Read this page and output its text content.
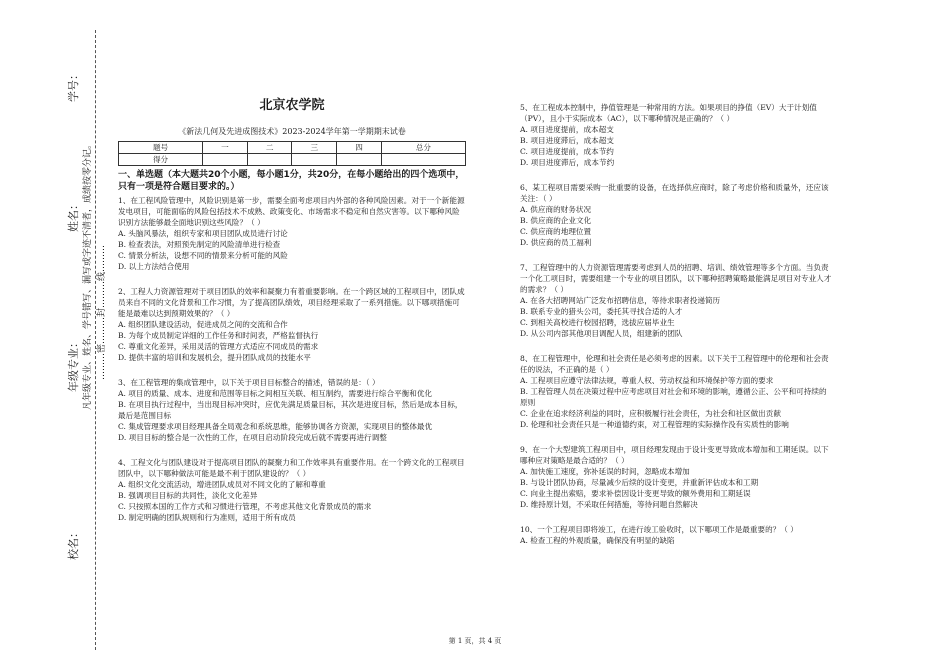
学号：
姓名：
年级专业：
校名：
………密………封………线………
凡年级专业、姓名、学号错写、漏写或字迹不清者，成绩按零分记。
北京农学院
《新法几何及先进成图技术》2023-2024学年第一学期期末试卷
题号	一	二	三	四	总分
得分					
一、单选题（本大题共20个小题，每小题1分，共20分，在每小题给出的四个选项中，只有一项是符合题目要求的。）

1、在工程风险管理中，风险识别是第一步，需要全面考虑项目内外部的各种风险因素。对于一个新能源发电项目，可能面临的风险包括技术不成熟、政策变化、市场需求不稳定和自然灾害等。以下哪种风险识别方法能够最全面地识别这些风险？（ ）

A. 头脑风暴法，组织专家和项目团队成员进行讨论

B. 检查表法，对照预先制定的风险清单进行检查

C. 情景分析法，设想不同的情景来分析可能的风险

D. 以上方法结合使用

2、工程人力资源管理对于项目团队的效率和凝聚力有着重要影响。在一个跨区域的工程项目中，团队成员来自不同的文化背景和工作习惯，为了提高团队绩效，项目经理采取了一系列措施。以下哪项措施可能是最难以达到预期效果的？（ ）

A. 组织团队建设活动，促进成员之间的交流和合作

B. 为每个成员制定详细的工作任务和时间表，严格监督执行

C. 尊重文化差异，采用灵活的管理方式适应不同成员的需求

D. 提供丰富的培训和发展机会，提升团队成员的技能水平

3、在工程管理的集成管理中，以下关于项目目标整合的描述，错误的是：（ ）

A. 项目的质量、成本、进度和范围等目标之间相互关联、相互制约，需要进行综合平衡和优化

B. 在项目执行过程中，当出现目标冲突时，应优先满足质量目标，其次是进度目标，然后是成本目标，最后是范围目标

C. 集成管理要求项目经理具备全局观念和系统思维，能够协调各方资源，实现项目的整体最优

D. 项目目标的整合是一次性的工作，在项目启动阶段完成后就不需要再进行调整

4、工程文化与团队建设对于提高项目团队的凝聚力和工作效率具有重要作用。在一个跨文化的工程项目团队中，以下哪种做法可能是最不利于团队建设的？（ ）

A. 组织文化交流活动，增进团队成员对不同文化的了解和尊重

B. 强调项目目标的共同性，淡化文化差异

C. 只按照本国的工作方式和习惯进行管理，不考虑其他文化背景成员的需求

D. 制定明确的团队规则和行为准则，适用于所有成员

5、在工程成本控制中，挣值管理是一种常用的方法。如果项目的挣值（EV）大于计划值（PV），且小于实际成本（AC），以下哪种情况是正确的？（ ）

A. 项目进度提前，成本超支

B. 项目进度滞后，成本超支

C. 项目进度提前，成本节约

D. 项目进度滞后，成本节约

6、某工程项目需要采购一批重要的设备，在选择供应商时，除了考虑价格和质量外，还应该关注：（ ）

A. 供应商的财务状况

B. 供应商的企业文化

C. 供应商的地理位置

D. 供应商的员工福利

7、工程管理中的人力资源管理需要考虑到人员的招聘、培训、绩效管理等多个方面。当负责一个化工项目时，需要组建一个专业的项目团队，以下哪种招聘策略最能满足项目对专业人才的需求？（ ）

A. 在各大招聘网站广泛发布招聘信息，等待求职者投递简历

B. 联系专业的猎头公司，委托其寻找合适的人才

C. 到相关高校进行校园招聘，选拔应届毕业生

D. 从公司内部其他项目调配人员，组建新的团队

8、在工程管理中，伦理和社会责任是必须考虑的因素。以下关于工程管理中的伦理和社会责任的说法，不正确的是（ ）

A. 工程项目应遵守法律法规，尊重人权、劳动权益和环境保护等方面的要求

B. 工程管理人员在决策过程中应考虑项目对社会和环境的影响，遵循公正、公平和可持续的原则

C. 企业在追求经济利益的同时，应积极履行社会责任，为社会和社区做出贡献

D. 伦理和社会责任只是一种道德约束，对工程管理的实际操作没有实质性的影响

9、在一个大型建筑工程项目中，项目经理发现由于设计变更导致成本增加和工期延误。以下哪种应对策略是最合适的？（ ）

A. 加快施工速度，弥补延误的时间，忽略成本增加

B. 与设计团队协商，尽量减少后续的设计变更，并重新评估成本和工期

C. 向业主提出索赔，要求补偿因设计变更导致的额外费用和工期延误

D. 维持原计划，不采取任何措施，等待问题自然解决

10、一个工程项目即将竣工，在进行竣工验收时，以下哪项工作是最重要的？（ ）

A. 检查工程的外观质量，确保没有明显的缺陷

第 1 页，共 4 页
